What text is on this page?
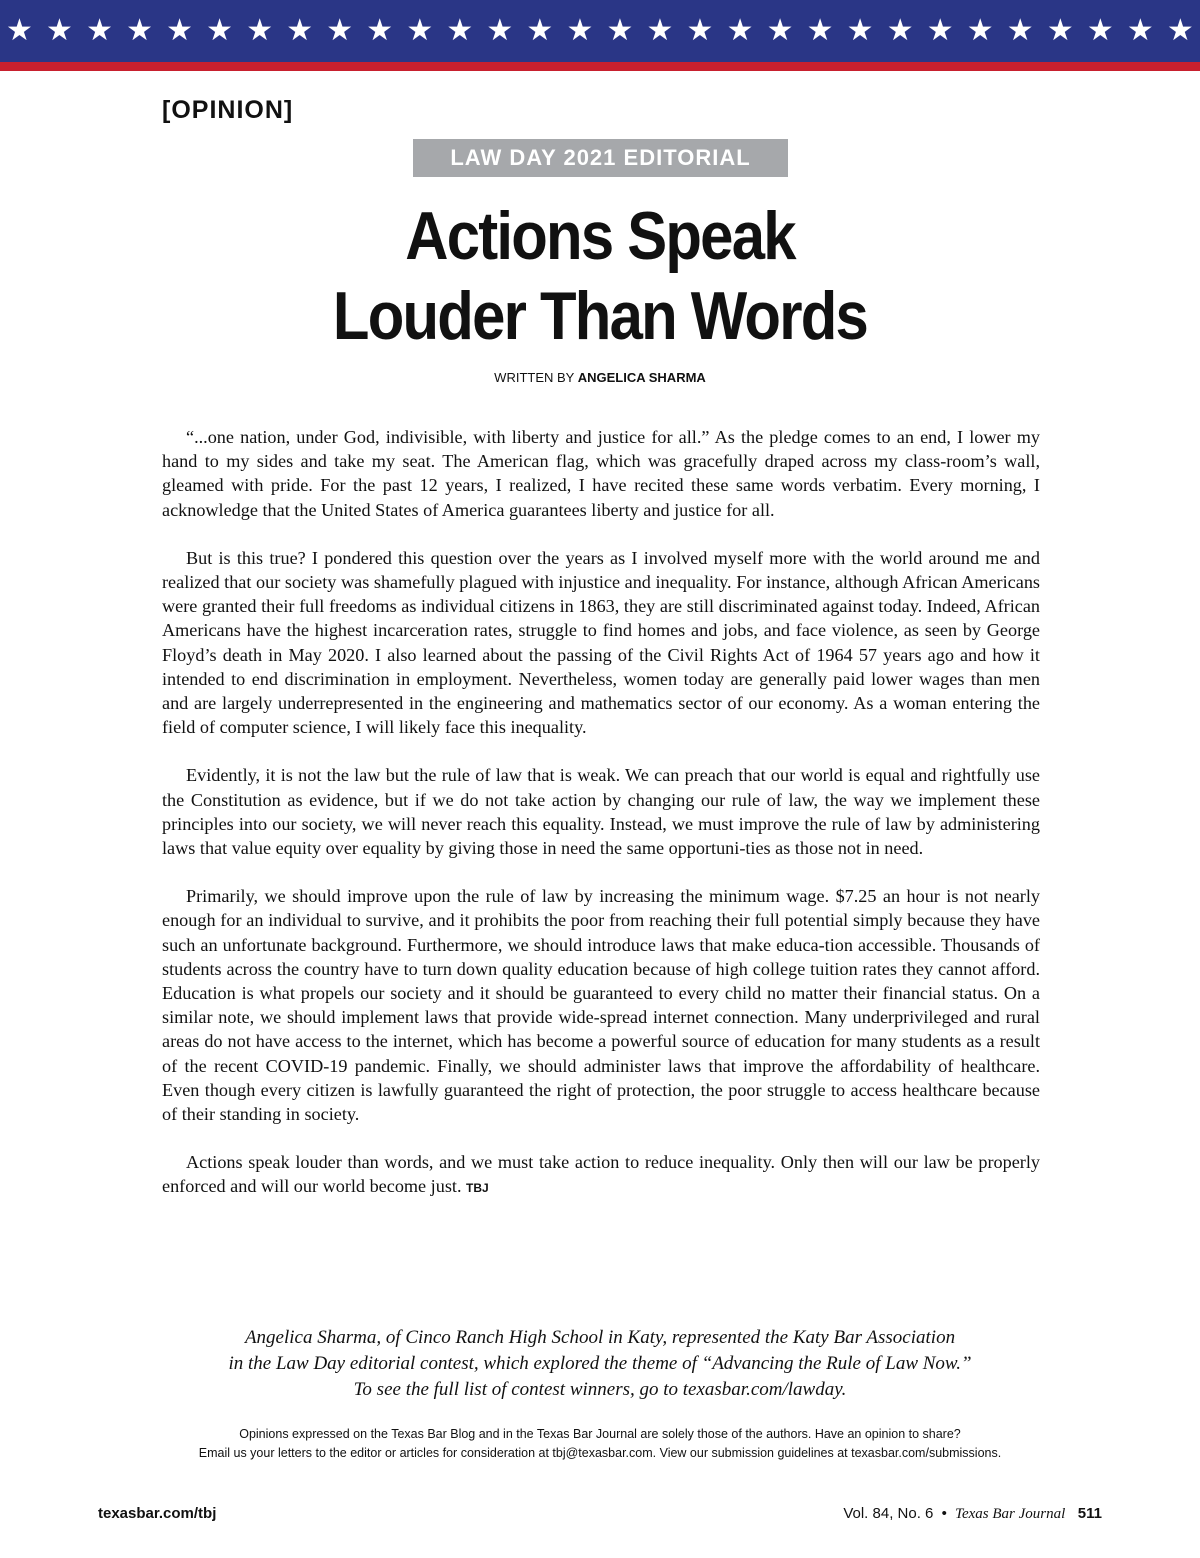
★ ★ ★ ★ ★ ★ ★ ★ ★ ★ ★ ★ ★ ★ ★ ★ ★ ★ ★ ★ ★ ★ ★ ★ ★ ★ ★ ★ ★ ★
[OPINION]
LAW DAY 2021 EDITORIAL
Actions Speak
Louder Than Words
WRITTEN BY ANGELICA SHARMA

“...one nation, under God, indivisible, with liberty and justice for all.” As the pledge comes to an end, I lower my hand to my sides and take my seat. The American flag, which was gracefully draped across my class-room’s wall, gleamed with pride. For the past 12 years, I realized, I have recited these same words verbatim. Every morning, I acknowledge that the United States of America guarantees liberty and justice for all.

But is this true? I pondered this question over the years as I involved myself more with the world around me and realized that our society was shamefully plagued with injustice and inequality. For instance, although African Americans were granted their full freedoms as individual citizens in 1863, they are still discriminated against today. Indeed, African Americans have the highest incarceration rates, struggle to find homes and jobs, and face violence, as seen by George Floyd’s death in May 2020. I also learned about the passing of the Civil Rights Act of 1964 57 years ago and how it intended to end discrimination in employment. Nevertheless, women today are generally paid lower wages than men and are largely underrepresented in the engineering and mathematics sector of our economy. As a woman entering the field of computer science, I will likely face this inequality.

Evidently, it is not the law but the rule of law that is weak. We can preach that our world is equal and rightfully use the Constitution as evidence, but if we do not take action by changing our rule of law, the way we implement these principles into our society, we will never reach this equality. Instead, we must improve the rule of law by administering laws that value equity over equality by giving those in need the same opportuni-ties as those not in need.

Primarily, we should improve upon the rule of law by increasing the minimum wage. $7.25 an hour is not nearly enough for an individual to survive, and it prohibits the poor from reaching their full potential simply because they have such an unfortunate background. Furthermore, we should introduce laws that make educa-tion accessible. Thousands of students across the country have to turn down quality education because of high college tuition rates they cannot afford. Education is what propels our society and it should be guaranteed to every child no matter their financial status. On a similar note, we should implement laws that provide wide-spread internet connection. Many underprivileged and rural areas do not have access to the internet, which has become a powerful source of education for many students as a result of the recent COVID-19 pandemic. Finally, we should administer laws that improve the affordability of healthcare. Even though every citizen is lawfully guaranteed the right of protection, the poor struggle to access healthcare because of their standing in society.

Actions speak louder than words, and we must take action to reduce inequality. Only then will our law be properly enforced and will our world become just. TBJ

Angelica Sharma, of Cinco Ranch High School in Katy, represented the Katy Bar Association
in the Law Day editorial contest, which explored the theme of “Advancing the Rule of Law Now.”
To see the full list of contest winners, go to texasbar.com/lawday.
Opinions expressed on the Texas Bar Blog and in the Texas Bar Journal are solely those of the authors. Have an opinion to share?
Email us your letters to the editor or articles for consideration at tbj@texasbar.com. View our submission guidelines at texasbar.com/submissions.
texasbar.com/tbj	Vol. 84, No. 6 • Texas Bar Journal 511
